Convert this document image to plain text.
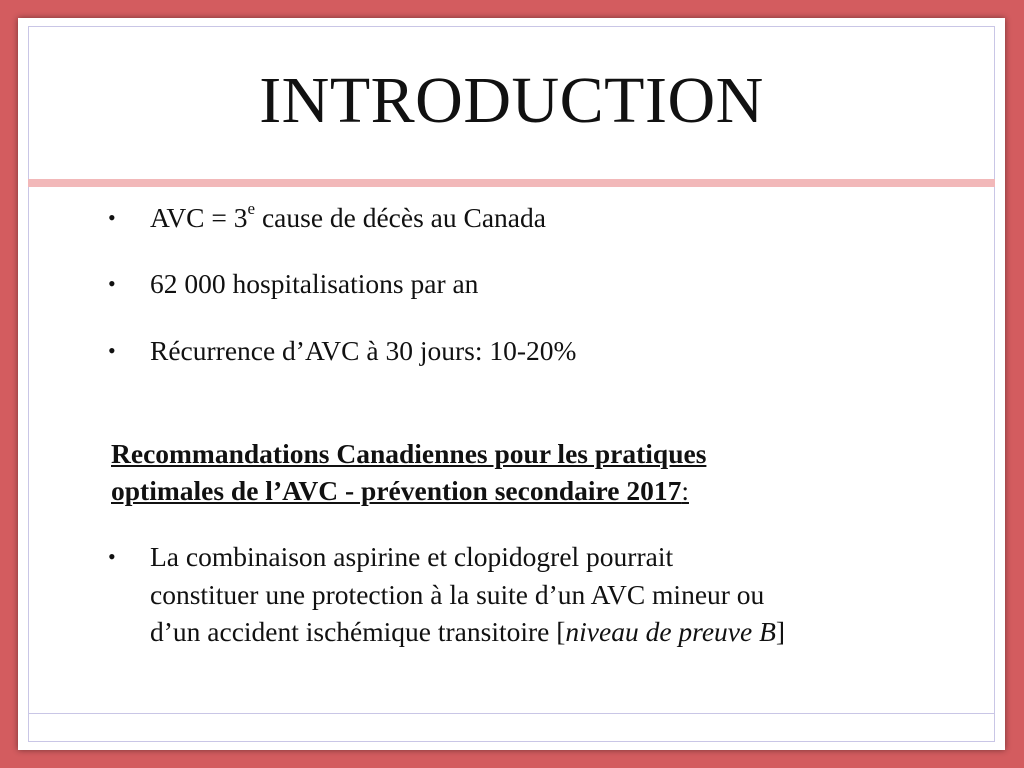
INTRODUCTION
• AVC = $3^e$ cause de décès au Canada
• 62 000 hospitalisations par an
• Récurrence d’AVC à 30 jours: 10-20%
Recommandations Canadiennes pour les pratiques
optimales de l’AVC - prévention secondaire 2017:
• La combinaison aspirine et clopidogrel pourrait
constituer une protection à la suite d’un AVC mineur ou
d’un accident ischémique transitoire [niveau de preuve B]
